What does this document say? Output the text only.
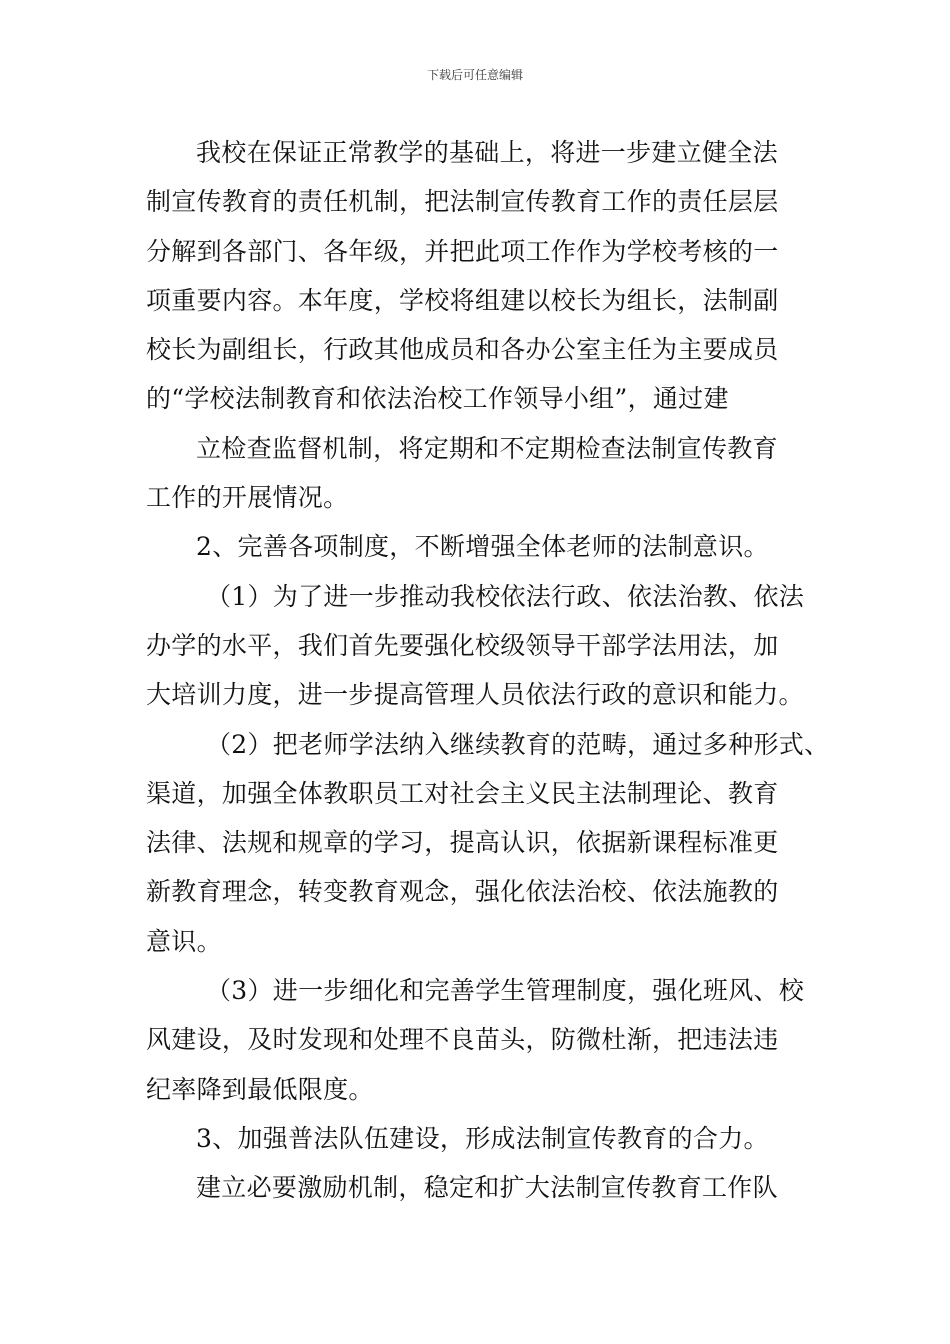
下载后可任意编辑
我校在保证正常教学的基础上，将进一步建立健全法
制宣传教育的责任机制，把法制宣传教育工作的责任层层
分解到各部门、各年级，并把此项工作作为学校考核的一
项重要内容。本年度，学校将组建以校长为组长，法制副
校长为副组长，行政其他成员和各办公室主任为主要成员
的“学校法制教育和依法治校工作领导小组”，通过建
立检查监督机制，将定期和不定期检查法制宣传教育
工作的开展情况。
2、完善各项制度，不断增强全体老师的法制意识。
（1）为了进一步推动我校依法行政、依法治教、依法
办学的水平，我们首先要强化校级领导干部学法用法，加
大培训力度，进一步提高管理人员依法行政的意识和能力。
（2）把老师学法纳入继续教育的范畴，通过多种形式、
渠道，加强全体教职员工对社会主义民主法制理论、教育
法律、法规和规章的学习，提高认识，依据新课程标准更
新教育理念，转变教育观念，强化依法治校、依法施教的
意识。
（3）进一步细化和完善学生管理制度，强化班风、校
风建设，及时发现和处理不良苗头，防微杜渐，把违法违
纪率降到最低限度。
3、加强普法队伍建设，形成法制宣传教育的合力。
建立必要激励机制，稳定和扩大法制宣传教育工作队
